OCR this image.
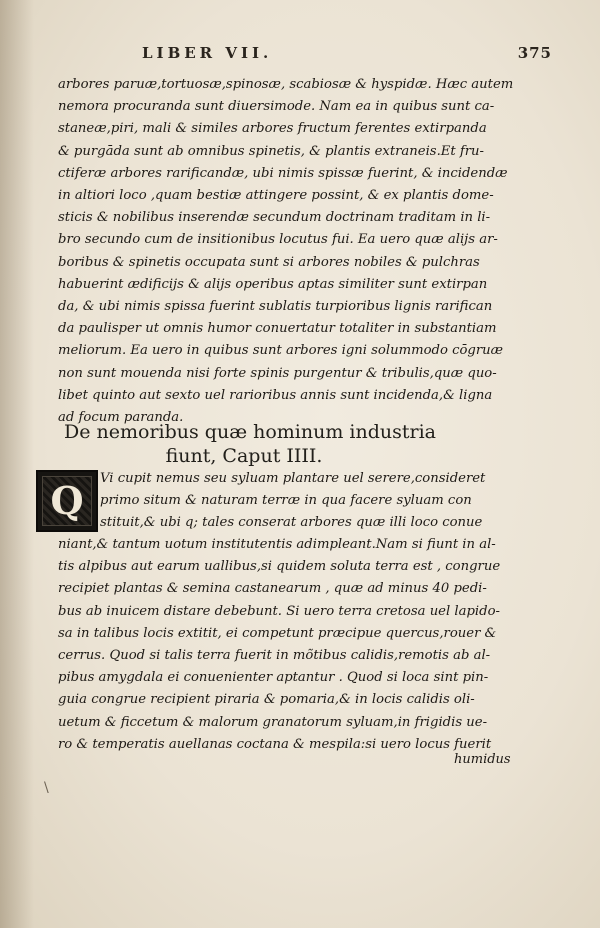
LIBER VII.	375
arbores paruæ,tortuosæ,spinosæ, scabiosæ & hyspidæ. Hæc autem
nemora procuranda sunt diuersimode. Nam ea in quibus sunt ca-
staneæ,piri, mali & similes arbores fructum ferentes extirpanda
& purgāda sunt ab omnibus spinetis, & plantis extraneis.Et fru-
ctiferæ arbores rarificandæ, ubi nimis spissæ fuerint, & incidendæ
in altiori loco ,quam bestiæ attingere possint, & ex plantis dome-
sticis & nobilibus inserendæ secundum doctrinam traditam in li-
bro secundo cum de insitionibus locutus fui. Ea uero quæ alijs ar-
boribus & spinetis occupata sunt si arbores nobiles & pulchras
habuerint ædificijs & alijs operibus aptas similiter sunt extirpan
da, & ubi nimis spissa fuerint sublatis turpioribus lignis rarifican
da paulisper ut omnis humor conuertatur totaliter in substantiam
meliorum. Ea uero in quibus sunt arbores igni solummodo cōgruæ
non sunt mouenda nisi forte spinis purgentur & tribulis,quæ quo-
libet quinto aut sexto uel rarioribus annis sunt incidenda,& ligna
ad focum paranda.
De nemoribus quæ hominum industria
fiunt, Caput IIII.
Q Vi cupit nemus seu syluam plantare uel serere,consideret
primo situm & naturam terræ in qua facere syluam con
stituit,& ubi q; tales conserat arbores quæ illi loco conue
niant,& tantum uotum institutentis adimpleant.Nam si fiunt in al-
tis alpibus aut earum uallibus,si quidem soluta terra est , congrue
recipiet plantas & semina castanearum , quæ ad minus 40 pedi-
bus ab inuicem distare debebunt. Si uero terra cretosa uel lapido-
sa in talibus locis extitit, ei competunt præcipue quercus,rouer &
cerrus. Quod si talis terra fuerit in mõtibus calidis,remotis ab al-
pibus amygdala ei conuenienter aptantur . Quod si loca sint pin-
guia congrue recipient piraria & pomaria,& in locis calidis oli-
uetum & ficcetum & malorum granatorum syluam,in frigidis ue-
ro & temperatis auellanas coctana & mespila:si uero locus fuerit
humidus
\
